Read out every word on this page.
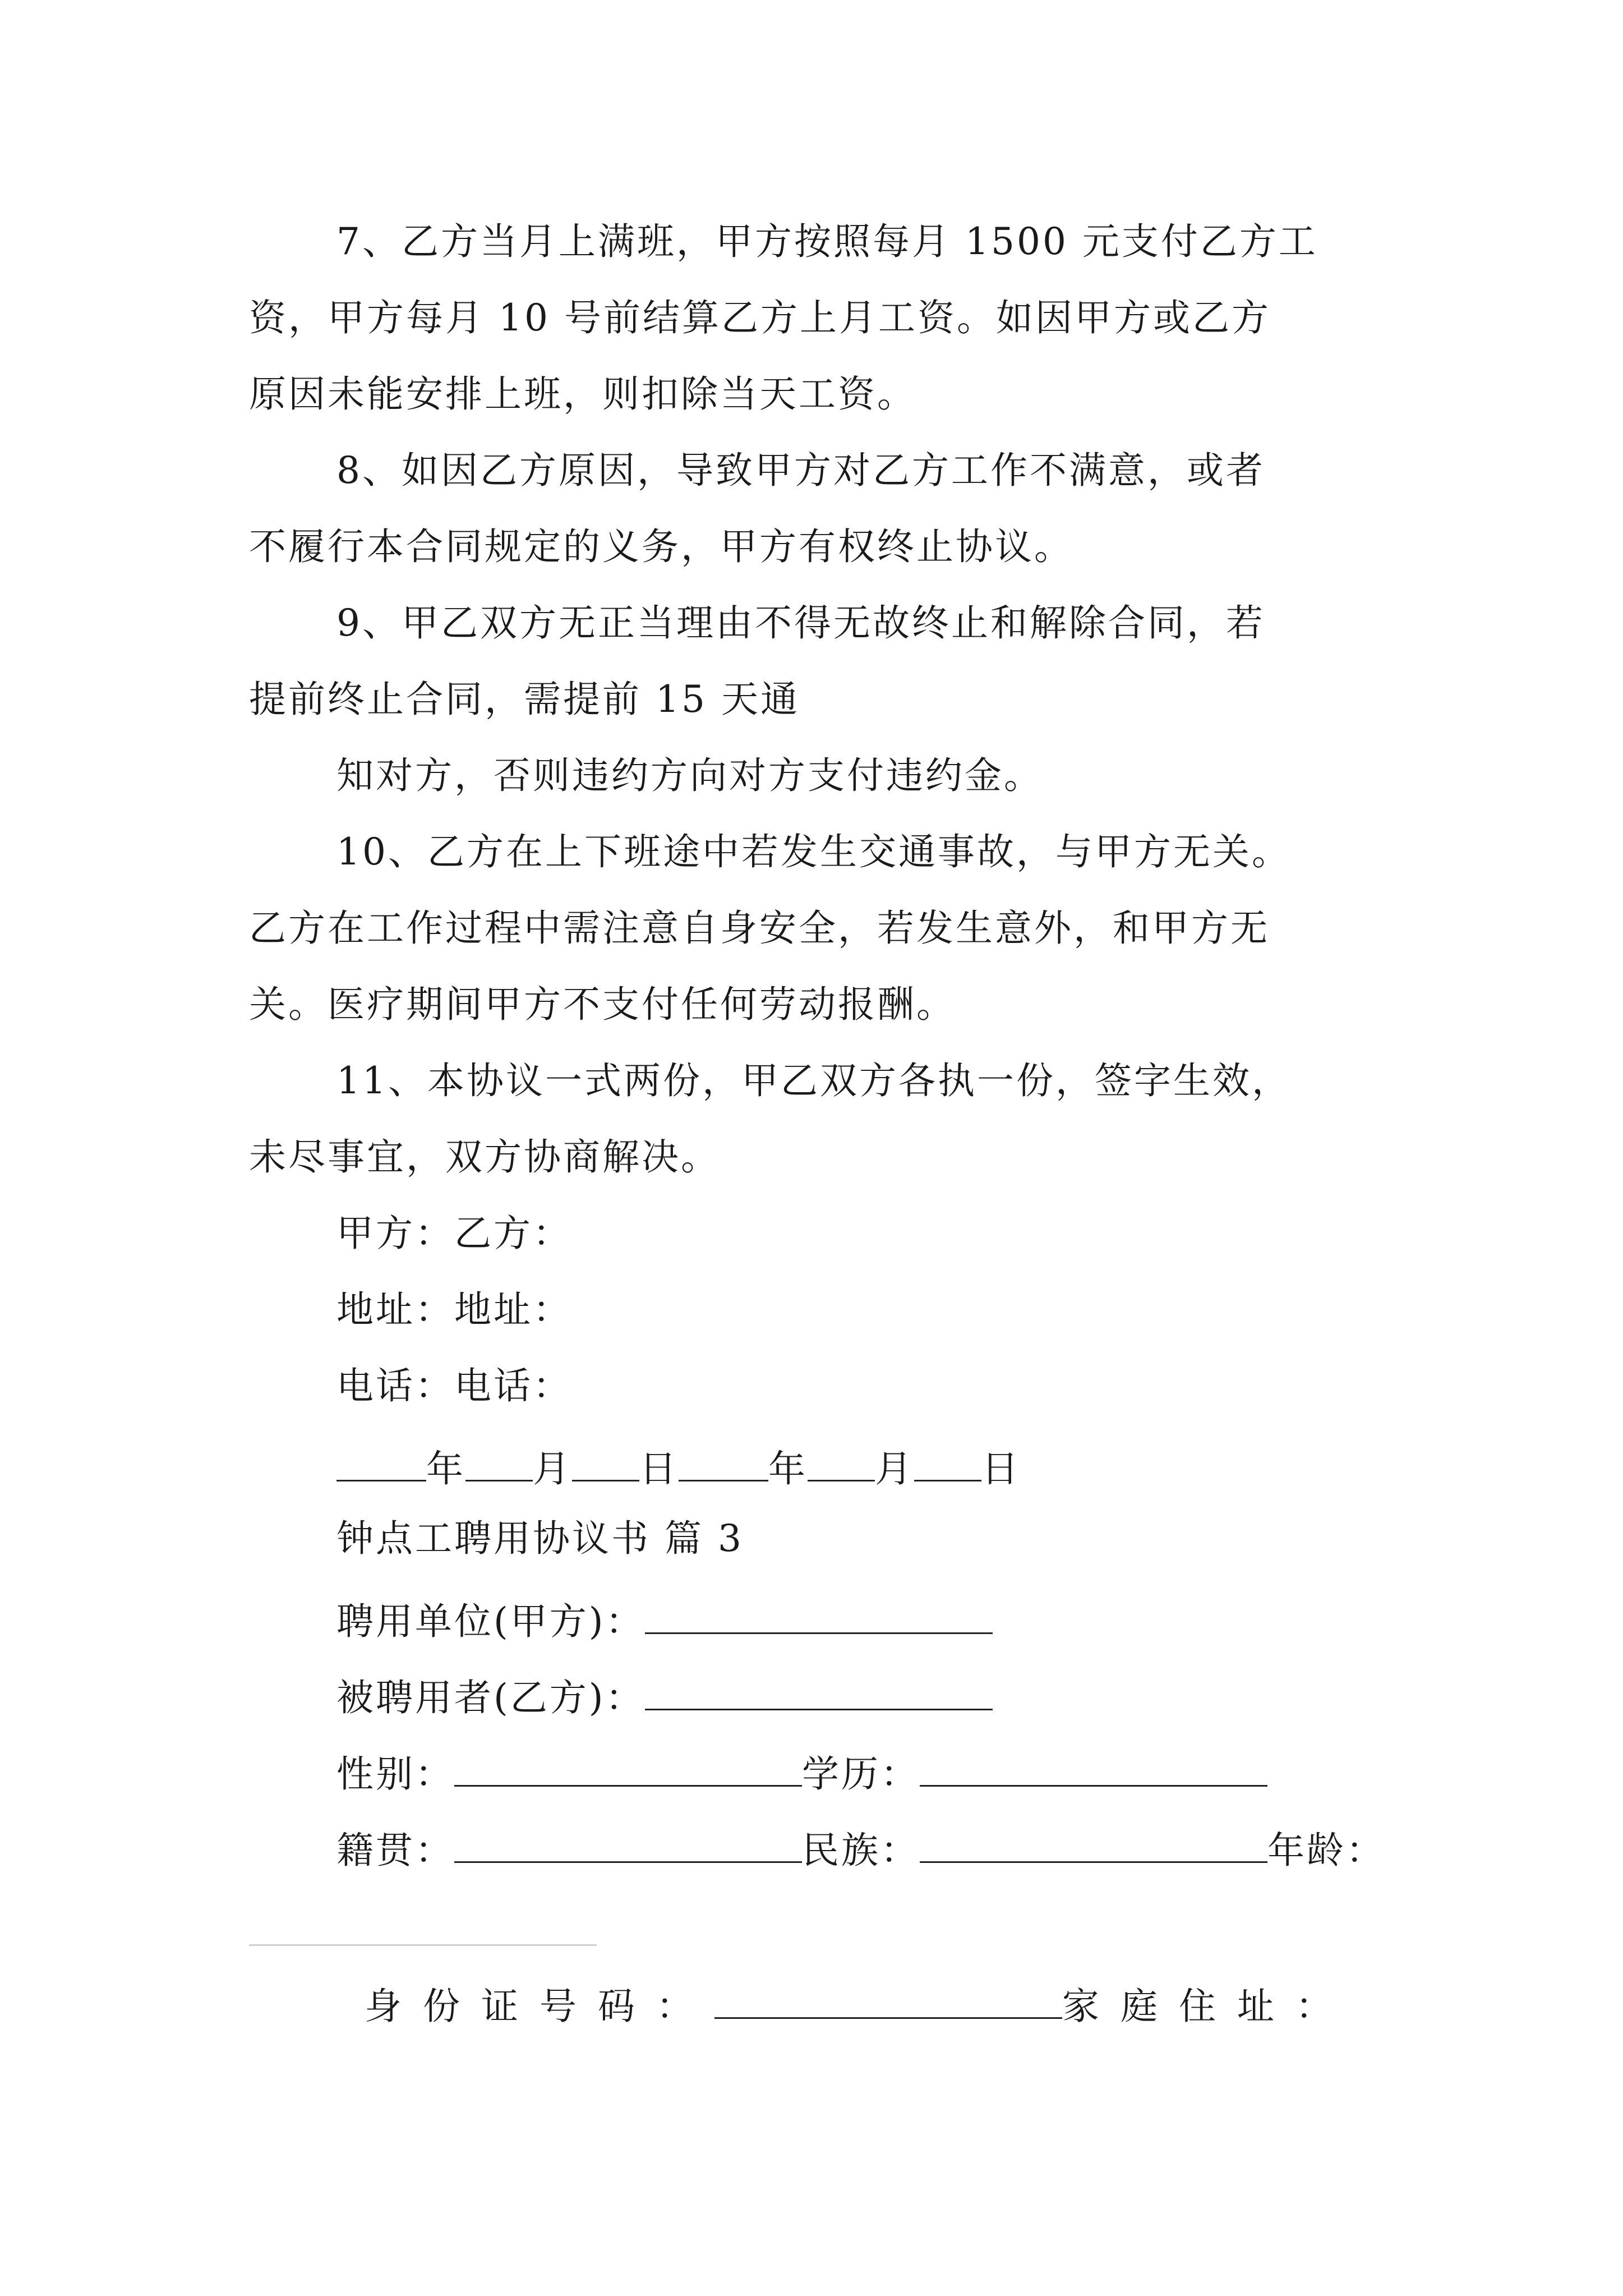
7、乙方当月上满班，甲方按照每月 1500 元支付乙方工
资，甲方每月 10 号前结算乙方上月工资。如因甲方或乙方
原因未能安排上班，则扣除当天工资。
8、如因乙方原因，导致甲方对乙方工作不满意，或者
不履行本合同规定的义务，甲方有权终止协议。
9、甲乙双方无正当理由不得无故终止和解除合同，若
提前终止合同，需提前 15 天通
知对方，否则违约方向对方支付违约金。
10、乙方在上下班途中若发生交通事故，与甲方无关。
乙方在工作过程中需注意自身安全，若发生意外，和甲方无
关。医疗期间甲方不支付任何劳动报酬。
11、本协议一式两份，甲乙双方各执一份，签字生效，
未尽事宜，双方协商解决。
甲方：乙方：
地址：地址：
电话：电话：
年 月 日 年 月 日
钟点工聘用协议书 篇 3
聘用单位(甲方)：
被聘用者(乙方)：
性别：	学历：
籍贯：	民族：	年龄：
身份证号码：	家庭住址：
